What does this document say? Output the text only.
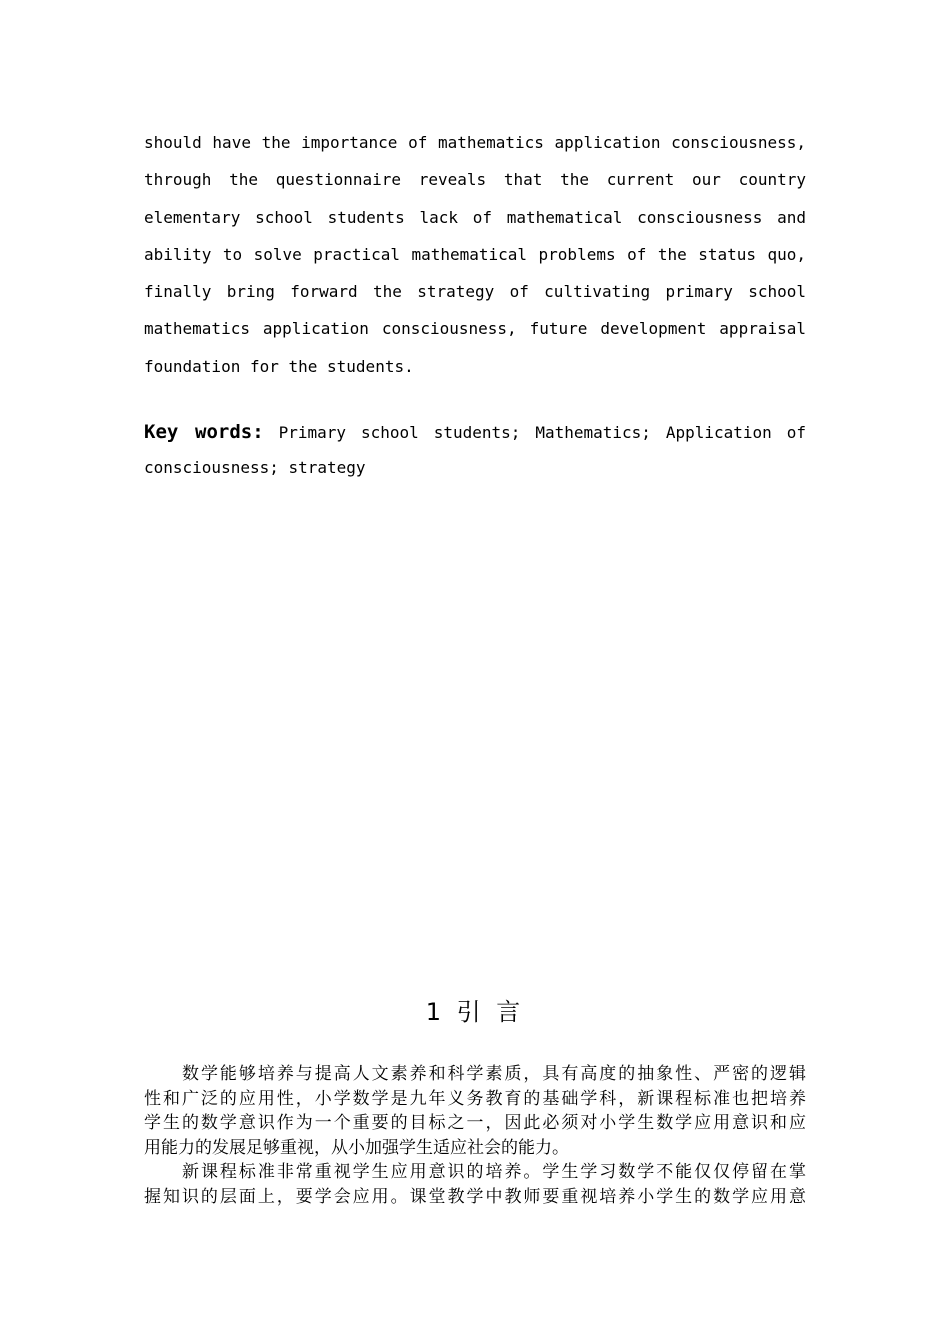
should have the importance of mathematics application consciousness,
through the questionnaire reveals that the current our country
elementary school students lack of mathematical consciousness and
ability to solve practical mathematical problems of the status quo,
finally bring forward the strategy of cultivating primary school
mathematics application consciousness, future development appraisal
foundation for the students.
Key words: Primary school students; Mathematics; Application of
consciousness; strategy
1 引 言
数学能够培养与提高人文素养和科学素质，具有高度的抽象性、严密的逻辑
性和广泛的应用性，小学数学是九年义务教育的基础学科，新课程标准也把培养
学生的数学意识作为一个重要的目标之一，因此必须对小学生数学应用意识和应
用能力的发展足够重视，从小加强学生适应社会的能力。
新课程标准非常重视学生应用意识的培养。学生学习数学不能仅仅停留在掌
握知识的层面上，要学会应用。课堂教学中教师要重视培养小学生的数学应用意
